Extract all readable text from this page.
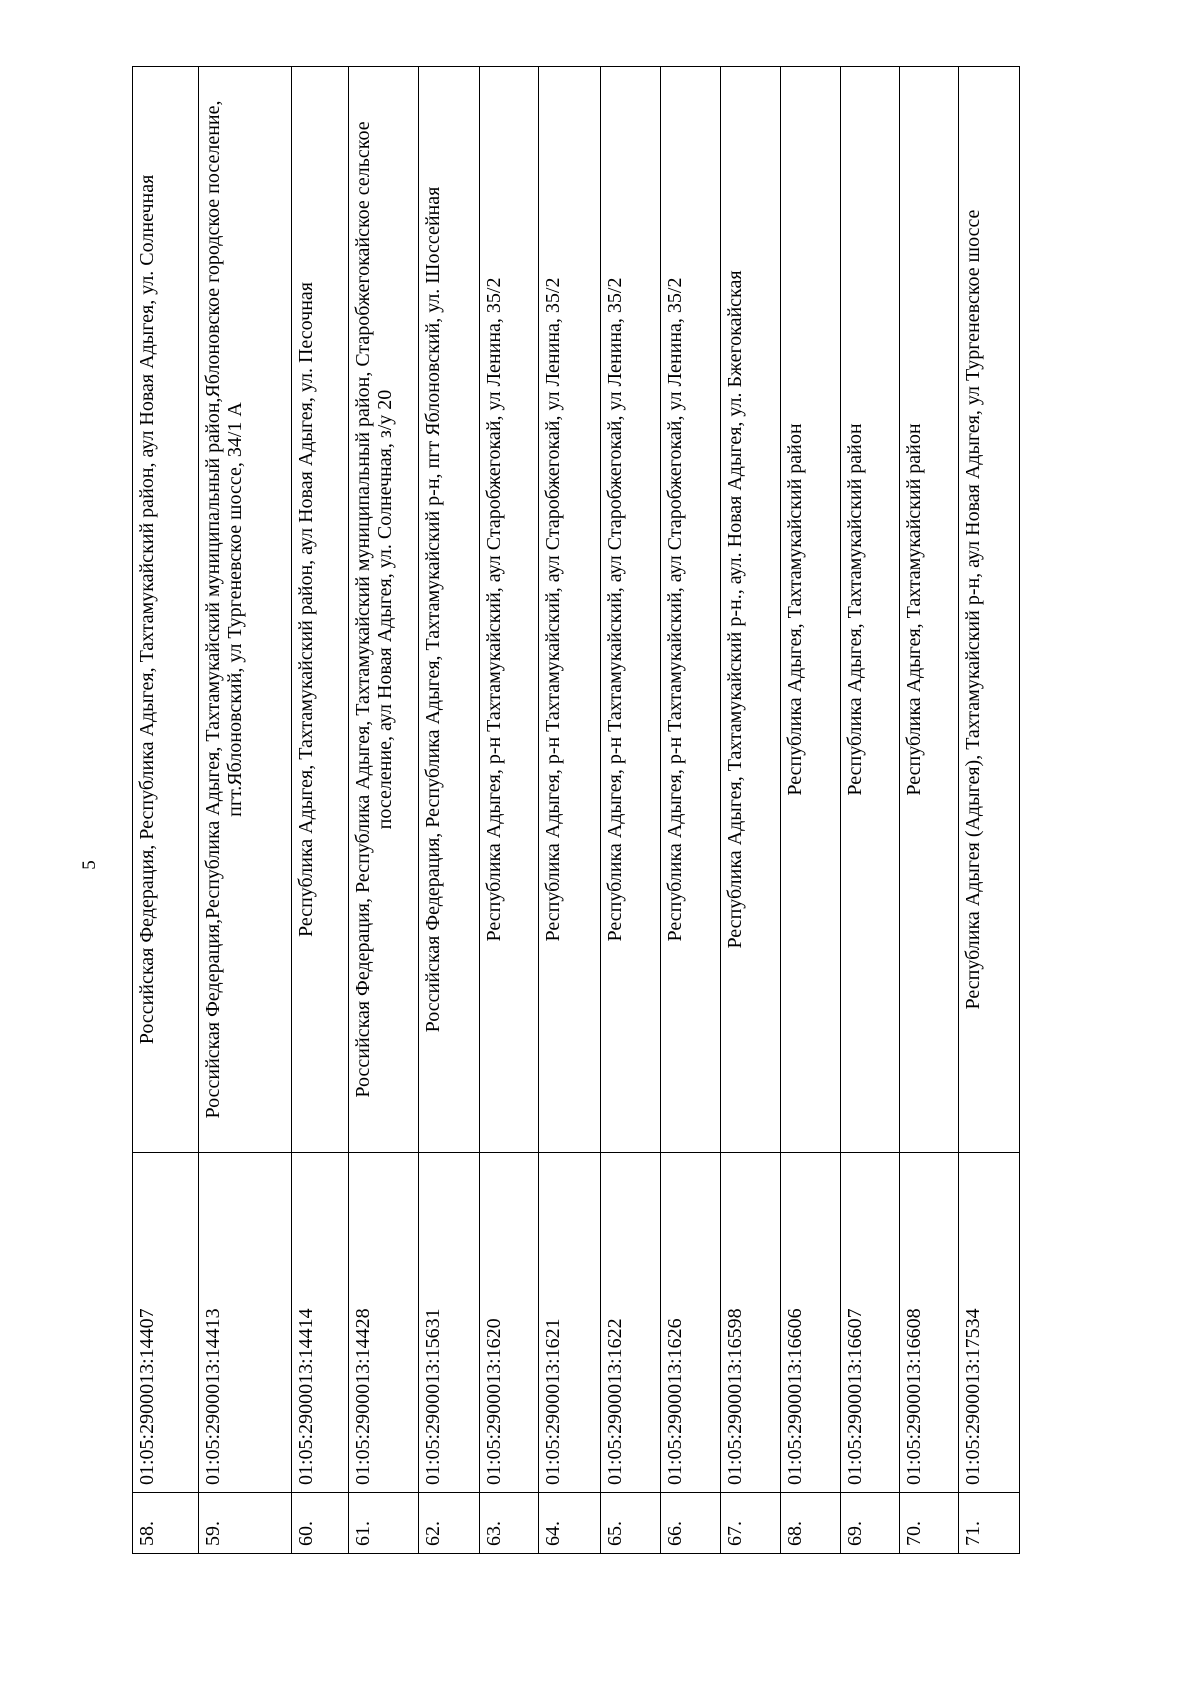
5
58.	01:05:2900013:14407	Российская Федерация, Республика Адыгея, Тахтамукайский район, аул Новая Адыгея, ул. Солнечная
59.	01:05:2900013:14413	Российская Федерация,Республика Адыгея, Тахтамукайский муниципальный район,Яблоновское городское поселение, пгт.Яблоновский, ул Тургеневское шоссе, 34/1 А
60.	01:05:2900013:14414	Республика Адыгея, Тахтамукайский район, аул Новая Адыгея, ул. Песочная
61.	01:05:2900013:14428	Российская Федерация, Республика Адыгея, Тахтамукайский муниципальный район, Старобжегокайское сельское поселение, аул Новая Адыгея, ул. Солнечная, з/у 20
62.	01:05:2900013:15631	Российская Федерация, Республика Адыгея, Тахтамукайский р-н, пгт Яблоновский, ул. Шоссейная
63.	01:05:2900013:1620	Республика Адыгея, р-н Тахтамукайский, аул Старобжегокай, ул Ленина, 35/2
64.	01:05:2900013:1621	Республика Адыгея, р-н Тахтамукайский, аул Старобжегокай, ул Ленина, 35/2
65.	01:05:2900013:1622	Республика Адыгея, р-н Тахтамукайский, аул Старобжегокай, ул Ленина, 35/2
66.	01:05:2900013:1626	Республика Адыгея, р-н Тахтамукайский, аул Старобжегокай, ул Ленина, 35/2
67.	01:05:2900013:16598	Республика Адыгея, Тахтамукайский р-н., аул. Новая Адыгея, ул. Бжегокайская
68.	01:05:2900013:16606	Республика Адыгея, Тахтамукайский район
69.	01:05:2900013:16607	Республика Адыгея, Тахтамукайский район
70.	01:05:2900013:16608	Республика Адыгея, Тахтамукайский район
71.	01:05:2900013:17534	Республика Адыгея (Адыгея), Тахтамукайский р-н, аул Новая Адыгея, ул Тургеневское шоссе
